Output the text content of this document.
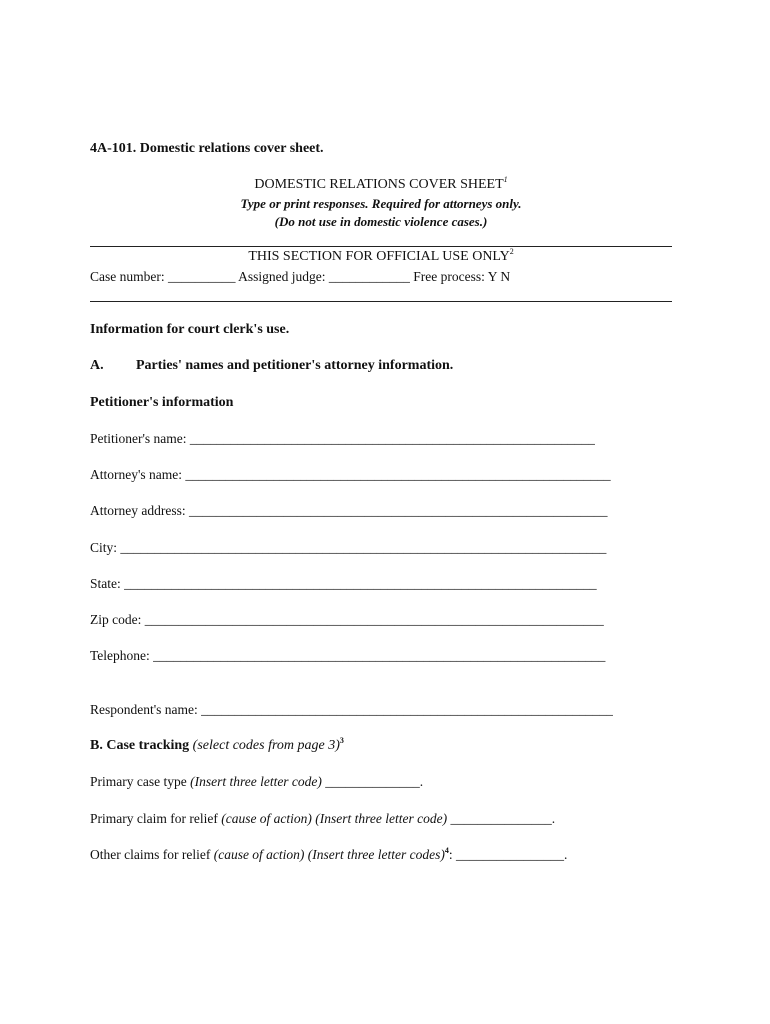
4A-101. Domestic relations cover sheet.
DOMESTIC RELATIONS COVER SHEET$^1$
Type or print responses. Required for attorneys only.
(Do not use in domestic violence cases.)
THIS SECTION FOR OFFICIAL USE ONLY$^2$
Case number: __________ Assigned judge: ____________ Free process: Y N
Information for court clerk's use.
A. Parties' names and petitioner's attorney information.
Petitioner's information
Petitioner's name: ____________________________________________________________
Attorney's name: _______________________________________________________________
Attorney address: ______________________________________________________________
City: ________________________________________________________________________
State: ______________________________________________________________________
Zip code: ____________________________________________________________________
Telephone: ___________________________________________________________________
Respondent's name: _____________________________________________________________
B. Case tracking (select codes from page 3)$^3$
Primary case type (Insert three letter code) ______________.
Primary claim for relief (cause of action) (Insert three letter code) _______________.
Other claims for relief (cause of action) (Insert three letter codes)$^4$: ________________.
